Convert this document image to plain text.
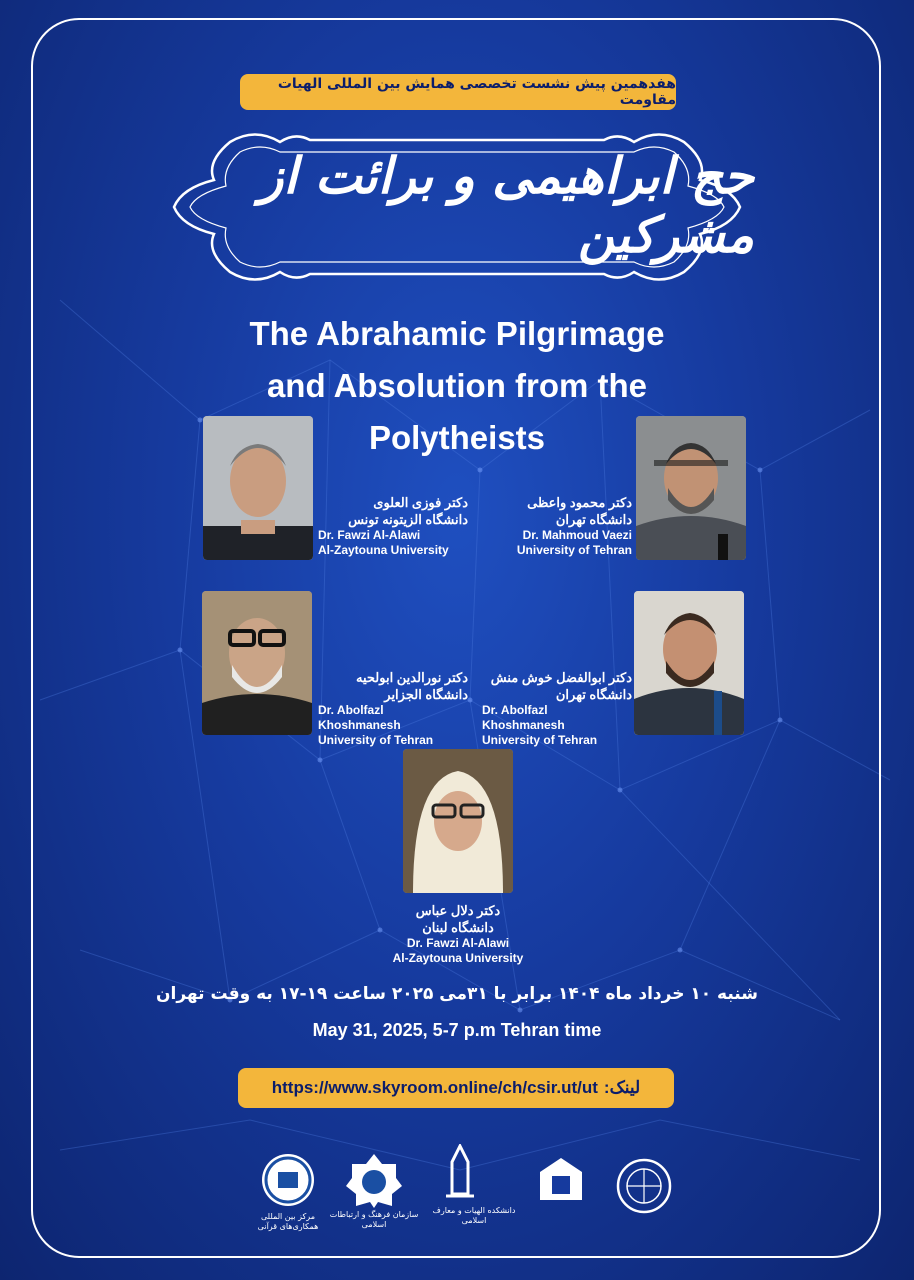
هفدهمین پیش نشست تخصصی همایش بین المللی الهیات مقاومت
حج ابراهیمی و برائت از مشرکین
The Abrahamic Pilgrimage
and Absolution from the
Polytheists
دکتر فوزی العلوی
دانشگاه الزیتونه تونس
Dr. Fawzi Al-Alawi
Al-Zaytouna University
دکتر محمود واعظی
دانشگاه تهران
Dr. Mahmoud Vaezi
University of Tehran
دکتر نورالدین ابولحیه
دانشگاه الجزایر
Dr. Abolfazl Khoshmanesh
University of Tehran
دکتر ابوالفضل خوش منش
دانشگاه تهران
Dr. Abolfazl Khoshmanesh
University of Tehran
دکتر دلال عباس
دانشگاه لبنان
Dr. Fawzi Al-Alawi
Al-Zaytouna University
شنبه ۱۰ خرداد ماه ۱۴۰۴ برابر با ۳۱می ۲۰۲۵ ساعت ۱۹-۱۷ به وقت تهران
May 31, 2025, 5-7 p.m Tehran time
https://www.skyroom.online/ch/csir.ut/ut لینک:
مرکز بین المللی همکاری‌های قرآنی
سازمان فرهنگ و ارتباطات اسلامی
دانشکده الهیات و معارف اسلامی
